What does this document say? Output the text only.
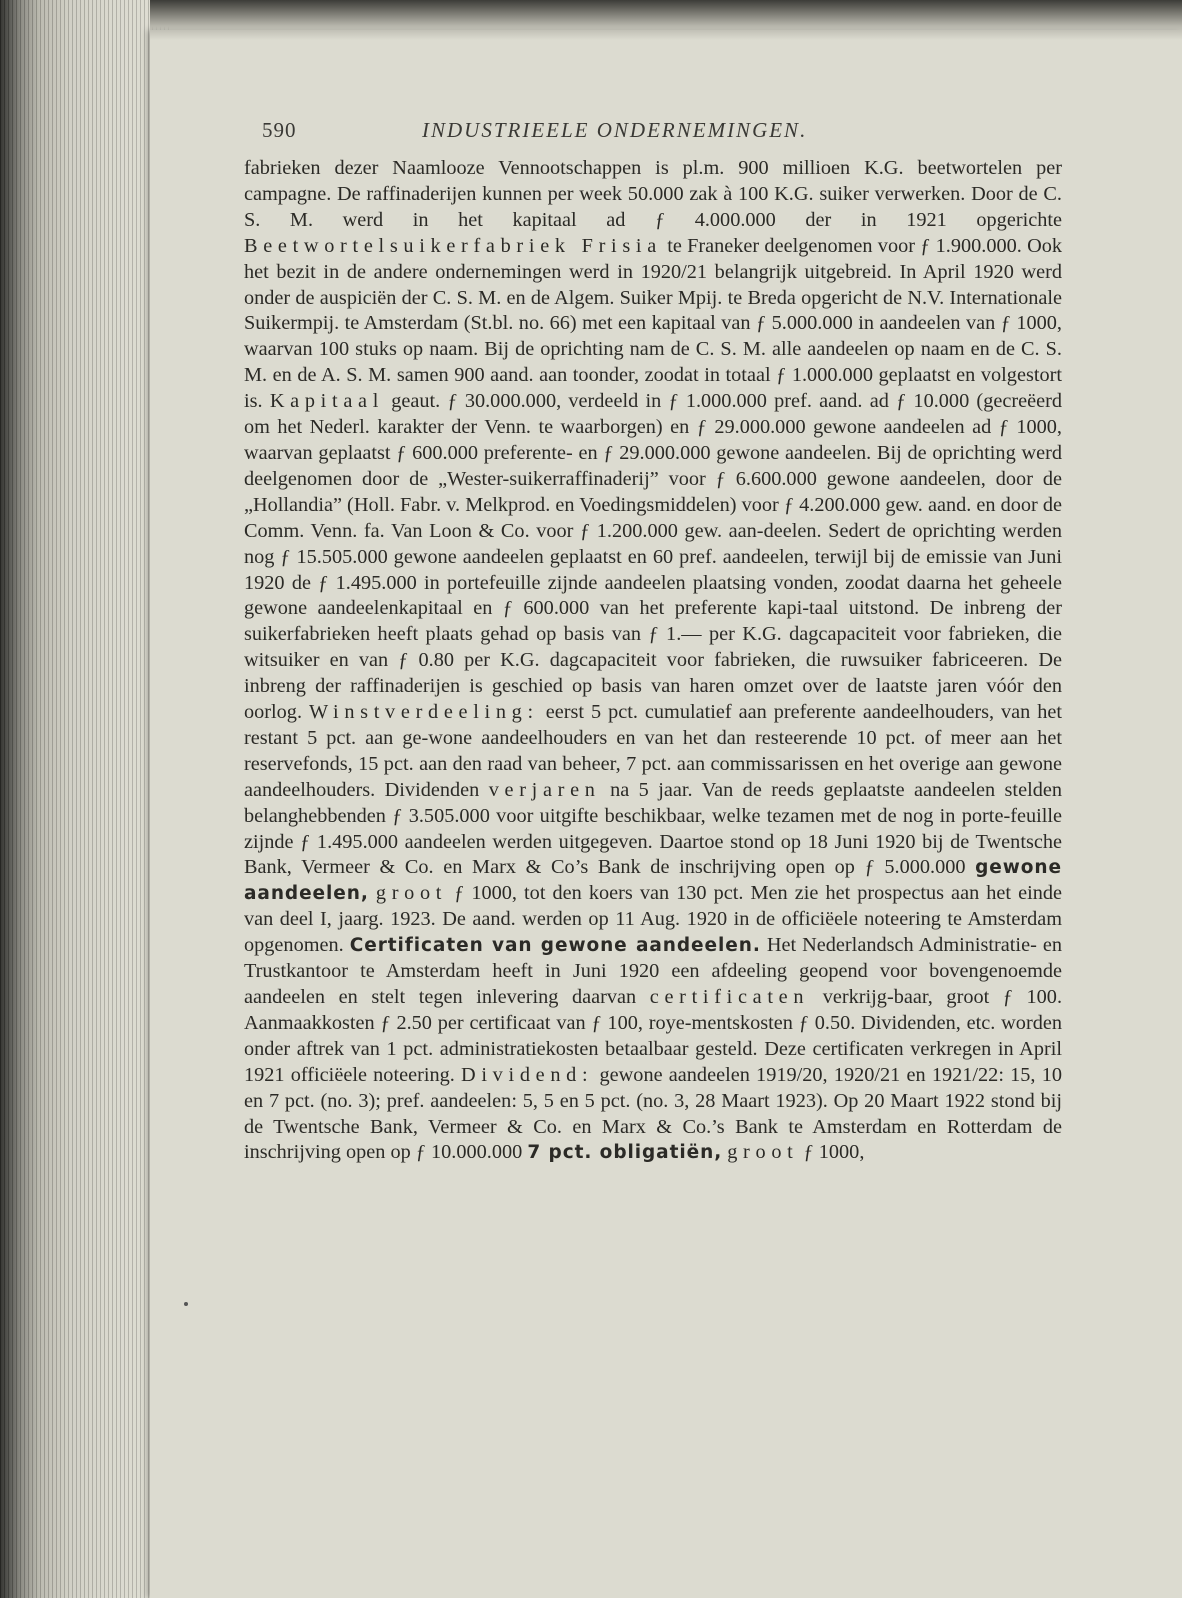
590	INDUSTRIEELE ONDERNEMINGEN.
fabrieken dezer Naamlooze Vennootschappen is pl.m. 900 millioen K.G. beetwortelen per campagne. De raffinaderijen kunnen per week 50.000 zak à 100 K.G. suiker verwerken. Door de C. S. M. werd in het kapitaal ad ƒ 4.000.000 der in 1921 opgerichte Beetwortelsuikerfabriek Frisia te Franeker deelgenomen voor ƒ 1.900.000. Ook het bezit in de andere ondernemingen werd in 1920/21 belangrijk uitgebreid. In April 1920 werd onder de auspiciën der C. S. M. en de Algem. Suiker Mpij. te Breda opgericht de N.V. Internationale Suikermpij. te Amsterdam (St.bl. no. 66) met een kapitaal van ƒ 5.000.000 in aandeelen van ƒ 1000, waarvan 100 stuks op naam. Bij de oprichting nam de C. S. M. alle aandeelen op naam en de C. S. M. en de A. S. M. samen 900 aand. aan toonder, zoodat in totaal ƒ 1.000.000 geplaatst en volgestort is. Kapitaal geaut. ƒ 30.000.000, verdeeld in ƒ 1.000.000 pref. aand. ad ƒ 10.000 (gecreëerd om het Nederl. karakter der Venn. te waarborgen) en ƒ 29.000.000 gewone aandeelen ad ƒ 1000, waarvan geplaatst ƒ 600.000 preferente- en ƒ 29.000.000 gewone aandeelen. Bij de oprichting werd deelgenomen door de „Wester-suikerraffinaderij” voor ƒ 6.600.000 gewone aandeelen, door de „Hollandia” (Holl. Fabr. v. Melkprod. en Voedingsmiddelen) voor ƒ 4.200.000 gew. aand. en door de Comm. Venn. fa. Van Loon & Co. voor ƒ 1.200.000 gew. aan-deelen. Sedert de oprichting werden nog ƒ 15.505.000 gewone aandeelen geplaatst en 60 pref. aandeelen, terwijl bij de emissie van Juni 1920 de ƒ 1.495.000 in portefeuille zijnde aandeelen plaatsing vonden, zoodat daarna het geheele gewone aandeelenkapitaal en ƒ 600.000 van het preferente kapi-taal uitstond. De inbreng der suikerfabrieken heeft plaats gehad op basis van ƒ 1.— per K.G. dagcapaciteit voor fabrieken, die witsuiker en van ƒ 0.80 per K.G. dagcapaciteit voor fabrieken, die ruwsuiker fabriceeren. De inbreng der raffinaderijen is geschied op basis van haren omzet over de laatste jaren vóór den oorlog. Winstverdeeling: eerst 5 pct. cumulatief aan preferente aandeelhouders, van het restant 5 pct. aan ge-wone aandeelhouders en van het dan resteerende 10 pct. of meer aan het reservefonds, 15 pct. aan den raad van beheer, 7 pct. aan commissarissen en het overige aan gewone aandeelhouders. Dividenden verjaren na 5 jaar. Van de reeds geplaatste aandeelen stelden belanghebbenden ƒ 3.505.000 voor uitgifte beschikbaar, welke tezamen met de nog in porte-feuille zijnde ƒ 1.495.000 aandeelen werden uitgegeven. Daartoe stond op 18 Juni 1920 bij de Twentsche Bank, Vermeer & Co. en Marx & Co’s Bank de inschrijving open op ƒ 5.000.000 gewone aandeelen, groot ƒ 1000, tot den koers van 130 pct. Men zie het prospectus aan het einde van deel I, jaarg. 1923. De aand. werden op 11 Aug. 1920 in de officiëele noteering te Amsterdam opgenomen. Certificaten van gewone aandeelen. Het Nederlandsch Administratie- en Trustkantoor te Amsterdam heeft in Juni 1920 een afdeeling geopend voor bovengenoemde aandeelen en stelt tegen inlevering daarvan certificaten verkrijg-baar, groot ƒ 100. Aanmaakkosten ƒ 2.50 per certificaat van ƒ 100, roye-mentskosten ƒ 0.50. Dividenden, etc. worden onder aftrek van 1 pct. administratiekosten betaalbaar gesteld. Deze certificaten verkregen in April 1921 officiëele noteering. Dividend: gewone aandeelen 1919/20, 1920/21 en 1921/22: 15, 10 en 7 pct. (no. 3); pref. aandeelen: 5, 5 en 5 pct. (no. 3, 28 Maart 1923). Op 20 Maart 1922 stond bij de Twentsche Bank, Vermeer & Co. en Marx & Co.’s Bank te Amsterdam en Rotterdam de inschrijving open op ƒ 10.000.000 7 pct. obligatiën, groot ƒ 1000,
